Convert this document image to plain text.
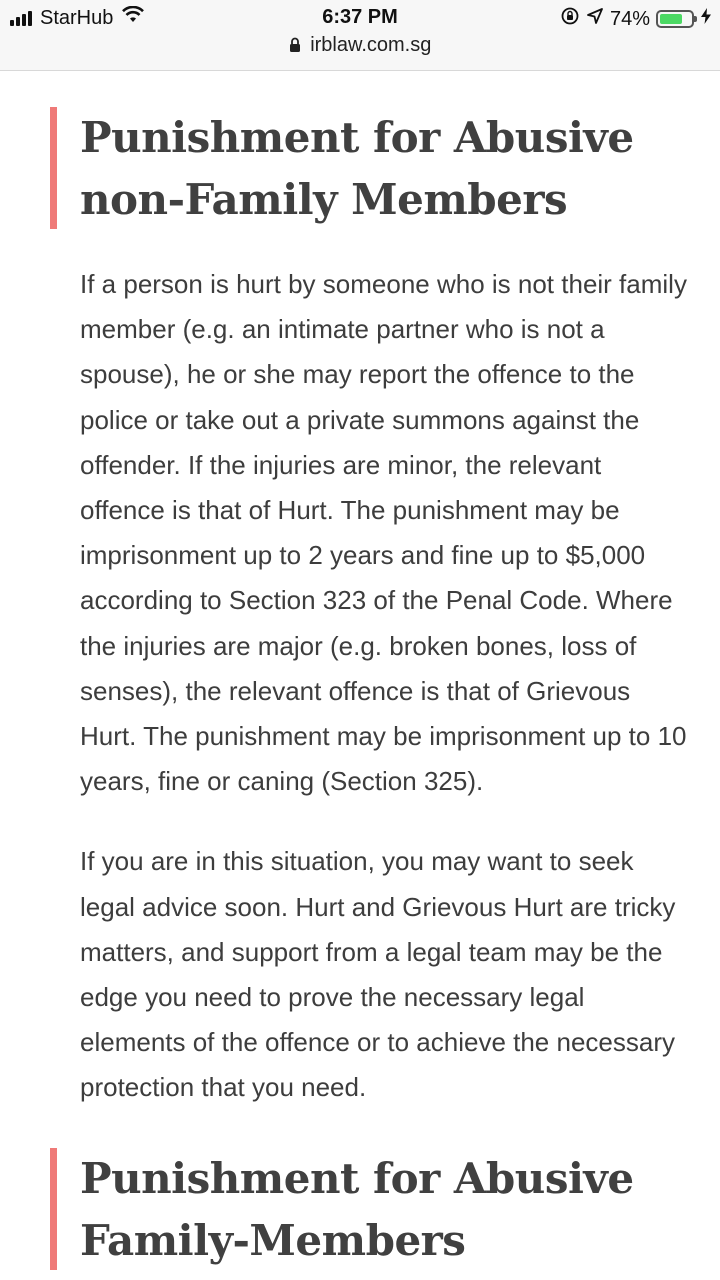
StarHub	6:37 PM
irblaw.com.sg
74%
Punishment for Abusive non-Family Members

If a person is hurt by someone who is not their family member (e.g. an intimate partner who is not a spouse), he or she may report the offence to the police or take out a private summons against the offender. If the injuries are minor, the relevant offence is that of Hurt. The punishment may be imprisonment up to 2 years and fine up to $5,000 according to Section 323 of the Penal Code. Where the injuries are major (e.g. broken bones, loss of senses), the relevant offence is that of Grievous Hurt. The punishment may be imprisonment up to 10 years, fine or caning (Section 325).

If you are in this situation, you may want to seek legal advice soon. Hurt and Grievous Hurt are tricky matters, and support from a legal team may be the edge you need to prove the necessary legal elements of the offence or to achieve the necessary protection that you need.

Punishment for Abusive Family-Members
